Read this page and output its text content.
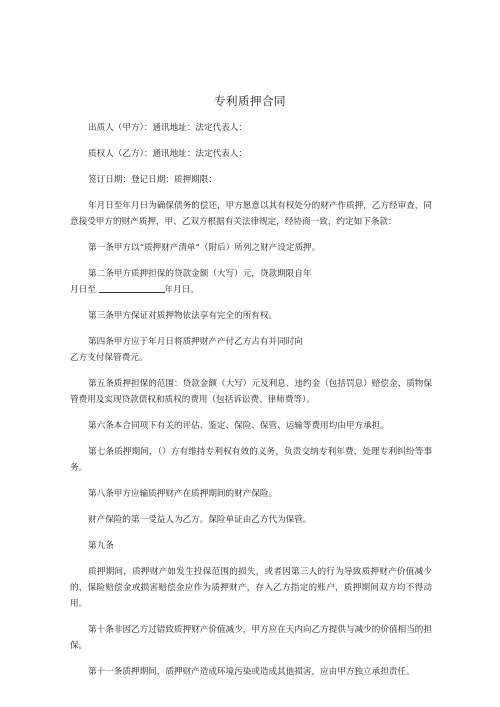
专利质押合同

出质人（甲方）：通讯地址：法定代表人：

质权人（乙方）：通讯地址：法定代表人：

签订日期：登记日期：质押期限：

年月日至年月日为确保债务的偿还，甲方愿意以其有权处分的财产作质押，乙方经审查，同意接受甲方的财产质押，甲、乙双方根据有关法律规定，经协商一致，约定如下条款：

第一条甲方以“质押财产清单”（附后）所列之财产设定质押。

第二条甲方质押担保的贷款金额（大写）元，贷款期限自年
月日至	年月日。

第三条甲方保证对质押物依法享有完全的所有权。

第四条甲方应于年月日将质押财产产付乙方占有并同时向
乙方支付保管费元。

第五条质押担保的范围：贷款金额（大写）元及利息、违约金（包括罚息）赔偿金、质物保管费用及实现贷款债权和质权的费用（包括诉讼费、律师费等）。

第六条本合同项下有关的评估、鉴定、保险、保管、运输等费用均由甲方承担。

第七条质押期间，（）方有维持专利权有效的义务，负责交纳专利年费，处理专利纠纷等事务。

第八条甲方应输质押财产在质押期间的财产保险。

财产保险的第一受益人为乙方。保险单证由乙方代为保管。

第九条

质押期间，质押财产如发生投保范围的损失，或者因第三人的行为导致质押财产价值减少的，保险赔偿金或损害赔偿金应作为质押财产，存入乙方指定的账户，质押期间双方均不得动用。

第十条非因乙方过错致质押财产价值减少，甲方应在天内向乙方提供与减少的价值相当的担保。

第十一条质押期间，质押财产造成环境污染或造成其他损害，应由甲方独立承担责任。
